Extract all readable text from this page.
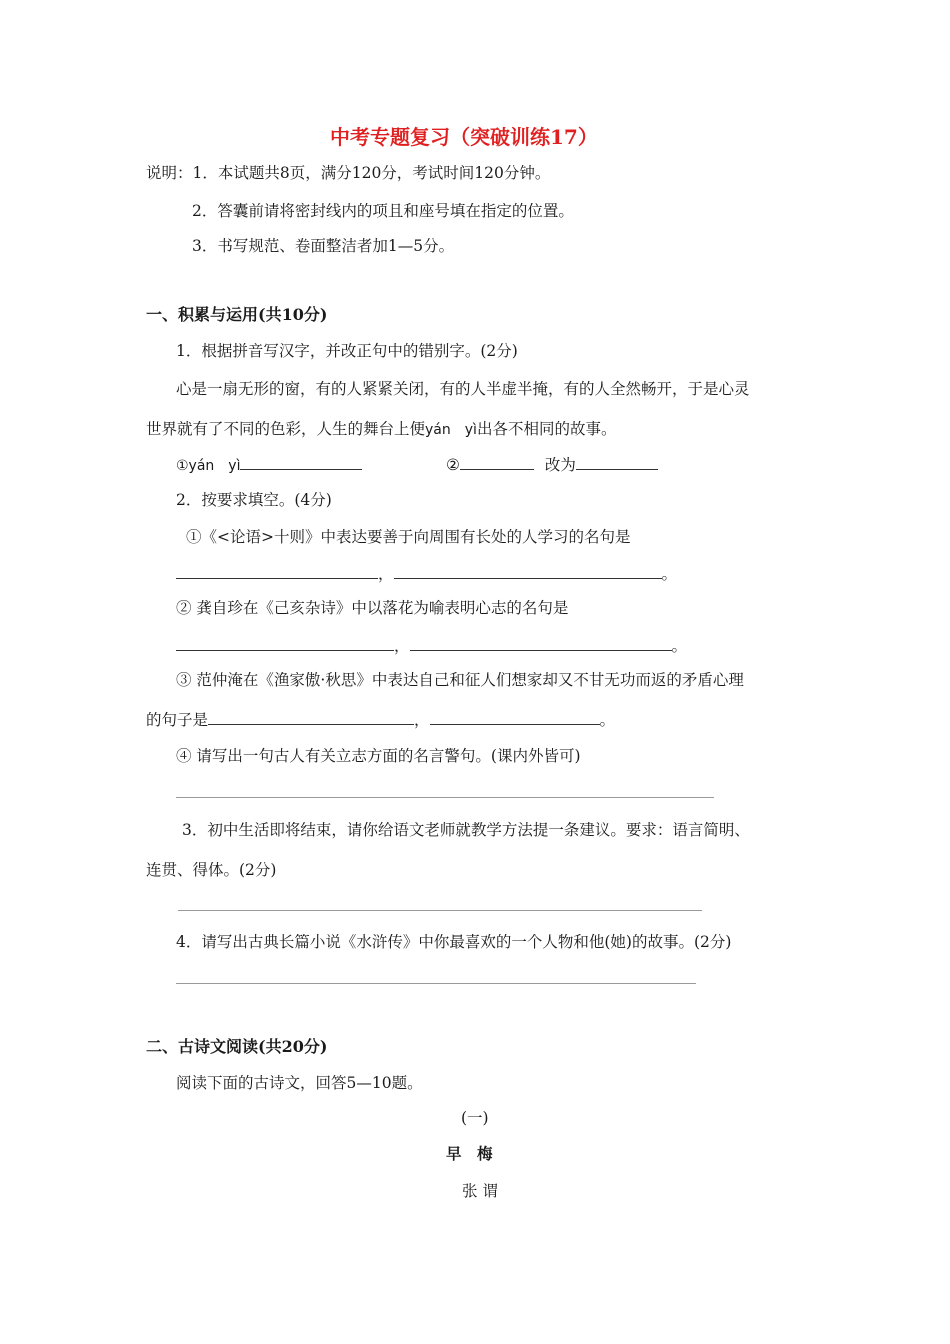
中考专题复习（突破训练17）
说明：1．本试题共8页，满分120分，考试时间120分钟。
2．答囊前请将密封线内的项且和座号填在指定的位置。
3．书写规范、卷面整洁者加1—5分。
一、积累与运用(共10分)
1．根据拼音写汉字，并改正句中的错别字。(2分)
心是一扇无形的窗，有的人紧紧关闭，有的人半虚半掩，有的人全然畅开，于是心灵
世界就有了不同的色彩，人生的舞台上便yán　yì出各不相同的故事。
①yán　yì	②	改为
2．按要求填空。(4分)
①《<论语>十则》中表达要善于向周围有长处的人学习的名句是
，	。
② 龚自珍在《己亥杂诗》中以落花为喻表明心志的名句是
，	。
③ 范仲淹在《渔家傲·秋思》中表达自己和征人们想家却又不甘无功而返的矛盾心理
的句子是	，	。
④ 请写出一句古人有关立志方面的名言警句。(课内外皆可)
3．初中生活即将结束，请你给语文老师就教学方法提一条建议。要求：语言简明、
连贯、得体。(2分)
4．请写出古典长篇小说《水浒传》中你最喜欢的一个人物和他(她)的故事。(2分)
二、古诗文阅读(共20分)
阅读下面的古诗文，回答5—10题。
(一)
早　梅
张 谓
